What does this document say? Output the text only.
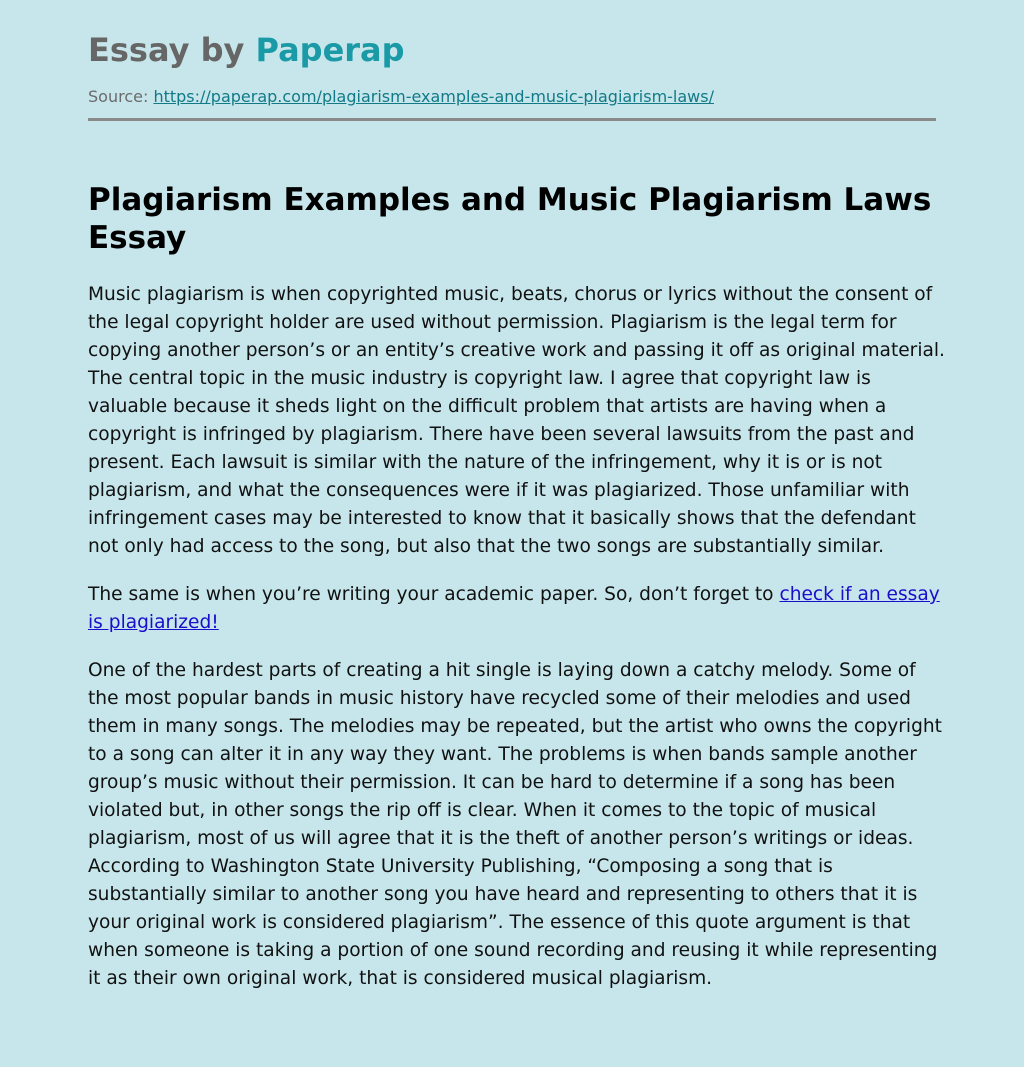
Essay by Paperap
Source: https://paperap.com/plagiarism-examples-and-music-plagiarism-laws/
Plagiarism Examples and Music Plagiarism Laws Essay

Music plagiarism is when copyrighted music, beats, chorus or lyrics without the consent of the legal copyright holder are used without permission. Plagiarism is the legal term for copying another person’s or an entity’s creative work and passing it off as original material. The central topic in the music industry is copyright law. I agree that copyright law is valuable because it sheds light on the difficult problem that artists are having when a copyright is infringed by plagiarism. There have been several lawsuits from the past and present. Each lawsuit is similar with the nature of the infringement, why it is or is not plagiarism, and what the consequences were if it was plagiarized. Those unfamiliar with infringement cases may be interested to know that it basically shows that the defendant not only had access to the song, but also that the two songs are substantially similar.

The same is when you’re writing your academic paper. So, don’t forget to check if an essay is plagiarized!

One of the hardest parts of creating a hit single is laying down a catchy melody. Some of the most popular bands in music history have recycled some of their melodies and used them in many songs. The melodies may be repeated, but the artist who owns the copyright to a song can alter it in any way they want. The problems is when bands sample another group’s music without their permission. It can be hard to determine if a song has been violated but, in other songs the rip off is clear. When it comes to the topic of musical plagiarism, most of us will agree that it is the theft of another person’s writings or ideas. According to Washington State University Publishing, “Composing a song that is substantially similar to another song you have heard and representing to others that it is your original work is considered plagiarism”. The essence of this quote argument is that when someone is taking a portion of one sound recording and reusing it while representing it as their own original work, that is considered musical plagiarism.
